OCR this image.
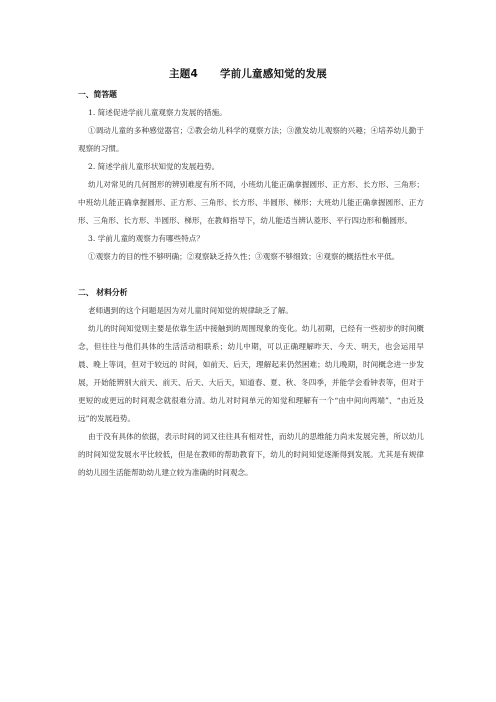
主题4 学前儿童感知觉的发展
一、简答题

1. 简述促进学前儿童观察力发展的措施。

①调动儿童的多种感觉器官；②教会幼儿科学的观察方法；③激发幼儿观察的兴趣；④培养幼儿勤于观察的习惯。

2. 简述学前儿童形状知觉的发展趋势。

幼儿对常见的几何图形的辨别难度有所不同，小班幼儿能正确拿握圆形、正方形、长方形、三角形；中班幼儿能正确拿握圆形、正方形、三角形、长方形、半圆形、梯形；大班幼儿能正确拿握圆形、正方形、三角形、长方形、半圆形、梯形，在教师指导下，幼儿能适当辨认菱形、平行四边形和椭圆形。

3. 学前儿童的观察力有哪些特点？

①观察力的目的性不够明确；②观察缺乏持久性；③观察不够细致；④观察的概括性水平低。

二、 材料分析

老师遇到的这个问题是因为对儿童时间知觉的规律缺乏了解。

幼儿的时间知觉则主要是依靠生活中接触到的周围现象的变化。幼儿初期，已经有一些初步的时间概念，但往往与他们具体的生活活动相联系；幼儿中期，可以正确理解昨天、今天、明天，也会运用早晨、晚上等词，但对于较远的 时间，如前天、后天，理解起来仍然困难；幼儿晚期，时间概念进一步发展，开始能辨别大前天、前天、后天、大后天，知道春、夏、秋、冬四季，并能学会看钟表等，但对于更短的或更远的时间观念就很难分清。幼儿对时间单元的知觉和理解有一个“由中间向两端”、“由近及远”的发展趋势。

由于没有具体的依据，表示时间的词又往往具有相对性，而幼儿的思维能力尚未发展完善，所以幼儿的时间知觉发展水平比较低，但是在教师的帮助教育下，幼儿的时间知觉逐渐得到发展。尤其是有规律的幼儿园生活能帮助幼儿建立较为准确的时间观念。
